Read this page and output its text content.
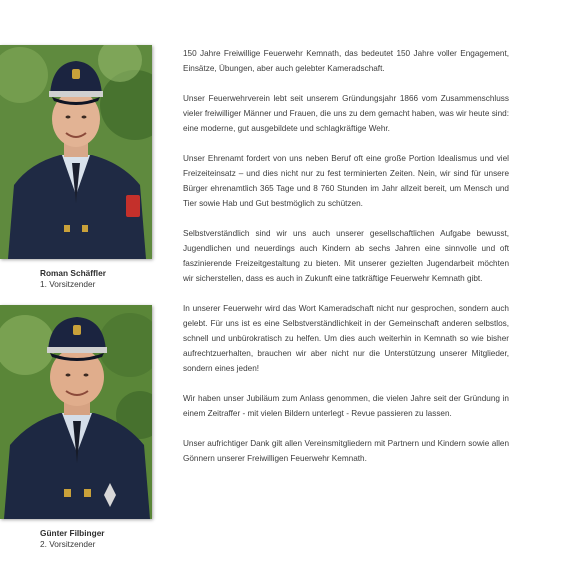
Roman Schäffler
1. Vorsitzender
Günter Filbinger
2. Vorsitzender

150 Jahre Freiwillige Feuerwehr Kemnath, das bedeutet 150 Jahre voller Engagement, Einsätze, Übungen, aber auch gelebter Kameradschaft.

Unser Feuerwehrverein lebt seit unserem Gründungsjahr 1866 vom Zusammenschluss vieler freiwilliger Männer und Frauen, die uns zu dem gemacht haben, was wir heute sind: eine moderne, gut ausgebildete und schlagkräftige Wehr.

Unser Ehrenamt fordert von uns neben Beruf oft eine große Portion Idealismus und viel Freizeiteinsatz – und dies nicht nur zu fest terminierten Zeiten. Nein, wir sind für unsere Bürger ehrenamtlich 365 Tage und 8 760 Stunden im Jahr allzeit bereit, um Mensch und Tier sowie Hab und Gut bestmöglich zu schützen.

Selbstverständlich sind wir uns auch unserer gesellschaftlichen Aufgabe bewusst, Jugendlichen und neuerdings auch Kindern ab sechs Jahren eine sinnvolle und oft faszinierende Freizeitgestaltung zu bieten. Mit unserer gezielten Jugendarbeit möchten wir sicherstellen, dass es auch in Zukunft eine tatkräftige Feuerwehr Kemnath gibt.

In unserer Feuerwehr wird das Wort Kameradschaft nicht nur gesprochen, sondern auch gelebt. Für uns ist es eine Selbstverständlichkeit in der Gemeinschaft anderen selbstlos, schnell und unbürokratisch zu helfen. Um dies auch weiterhin in Kemnath so wie bisher aufrechtzuerhalten, brauchen wir aber nicht nur die Unterstützung unserer Mitglieder, sondern eines jeden!

Wir haben unser Jubiläum zum Anlass genommen, die vielen Jahre seit der Gründung in einem Zeitraffer - mit vielen Bildern unterlegt - Revue passieren zu lassen.

Unser aufrichtiger Dank gilt allen Vereinsmitgliedern mit Partnern und Kindern sowie allen Gönnern unserer Freiwilligen Feuerwehr Kemnath.
